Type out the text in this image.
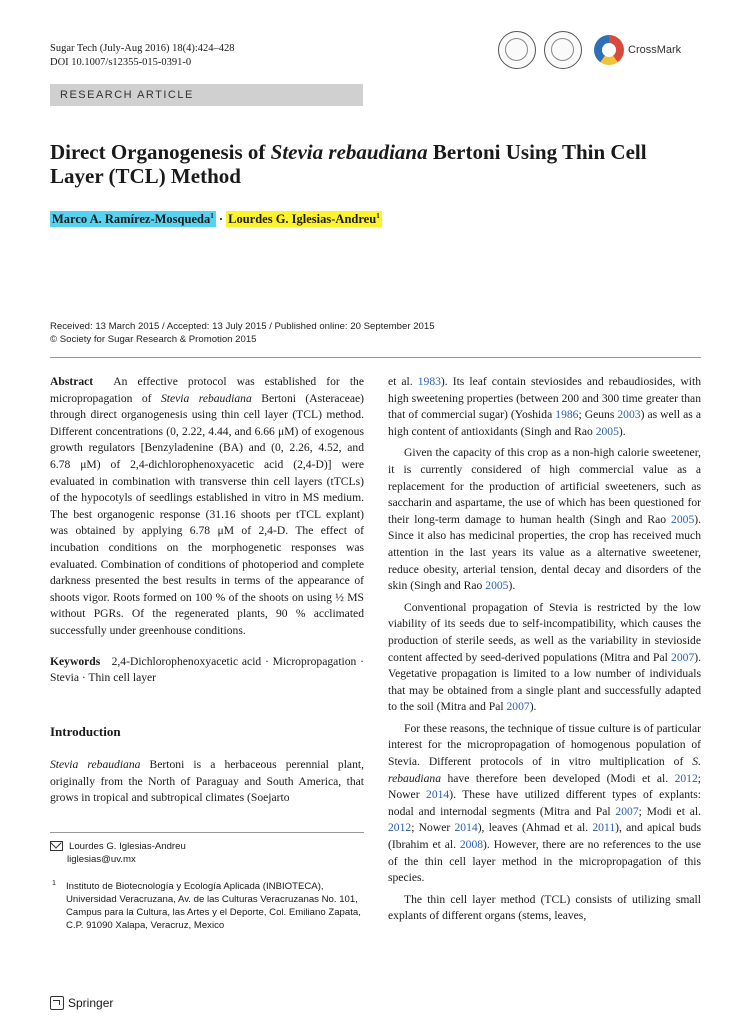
Sugar Tech (July-Aug 2016) 18(4):424–428
DOI 10.1007/s12355-015-0391-0
CrossMark
RESEARCH ARTICLE
Direct Organogenesis of Stevia rebaudiana Bertoni Using Thin Cell Layer (TCL) Method
Marco A. Ramírez-Mosqueda$^1$ · Lourdes G. Iglesias-Andreu$^1$
Received: 13 March 2015 / Accepted: 13 July 2015 / Published online: 20 September 2015
© Society for Sugar Research & Promotion 2015

Abstract An effective protocol was established for the micropropagation of Stevia rebaudiana Bertoni (Asteraceae) through direct organogenesis using thin cell layer (TCL) method. Different concentrations (0, 2.22, 4.44, and 6.66 μM) of exogenous growth regulators [Benzyladenine (BA) and (0, 2.26, 4.52, and 6.78 μM) of 2,4-dichlorophenoxyacetic acid (2,4-D)] were evaluated in combination with transverse thin cell layers (tTCLs) of the hypocotyls of seedlings established in vitro in MS medium. The best organogenic response (31.16 shoots per tTCL explant) was obtained by applying 6.78 μM of 2,4-D. The effect of incubation conditions on the morphogenetic responses was evaluated. Combination of conditions of photoperiod and complete darkness presented the best results in terms of the appearance of shoots vigor. Roots formed on 100 % of the shoots on using ½ MS without PGRs. Of the regenerated plants, 90 % acclimated successfully under greenhouse conditions.

Keywords 2,4-Dichlorophenoxyacetic acid · Micropropagation · Stevia · Thin cell layer
Introduction

Stevia rebaudiana Bertoni is a herbaceous perennial plant, originally from the North of Paraguay and South America, that grows in tropical and subtropical climates (Soejarto

et al. 1983). Its leaf contain steviosides and rebaudiosides, with high sweetening properties (between 200 and 300 time greater than that of commercial sugar) (Yoshida 1986; Geuns 2003) as well as a high content of antioxidants (Singh and Rao 2005).

Given the capacity of this crop as a non-high calorie sweetener, it is currently considered of high commercial value as a replacement for the production of artificial sweeteners, such as saccharin and aspartame, the use of which has been questioned for their long-term damage to human health (Singh and Rao 2005). Since it also has medicinal properties, the crop has received much attention in the last years its value as a alternative sweetener, reduce obesity, arterial tension, dental decay and disorders of the skin (Singh and Rao 2005).

Conventional propagation of Stevia is restricted by the low viability of its seeds due to self-incompatibility, which causes the production of sterile seeds, as well as the variability in stevioside content affected by seed-derived populations (Mitra and Pal 2007). Vegetative propagation is limited to a low number of individuals that may be obtained from a single plant and successfully adapted to the soil (Mitra and Pal 2007).

For these reasons, the technique of tissue culture is of particular interest for the micropropagation of homogenous population of Stevia. Different protocols of in vitro multiplication of S. rebaudiana have therefore been developed (Modi et al. 2012; Nower 2014). These have utilized different types of explants: nodal and internodal segments (Mitra and Pal 2007; Modi et al. 2012; Nower 2014), leaves (Ahmad et al. 2011), and apical buds (Ibrahim et al. 2008). However, there are no references to the use of the thin cell layer method in the micropropagation of this species.

The thin cell layer method (TCL) consists of utilizing small explants of different organs (stems, leaves,

Lourdes G. Iglesias-Andreu
liglesias@uv.mx
1 Instituto de Biotecnología y Ecología Aplicada (INBIOTECA), Universidad Veracruzana, Av. de las Culturas Veracruzanas No. 101, Campus para la Cultura, las Artes y el Deporte, Col. Emiliano Zapata, C.P. 91090 Xalapa, Veracruz, Mexico
Springer
